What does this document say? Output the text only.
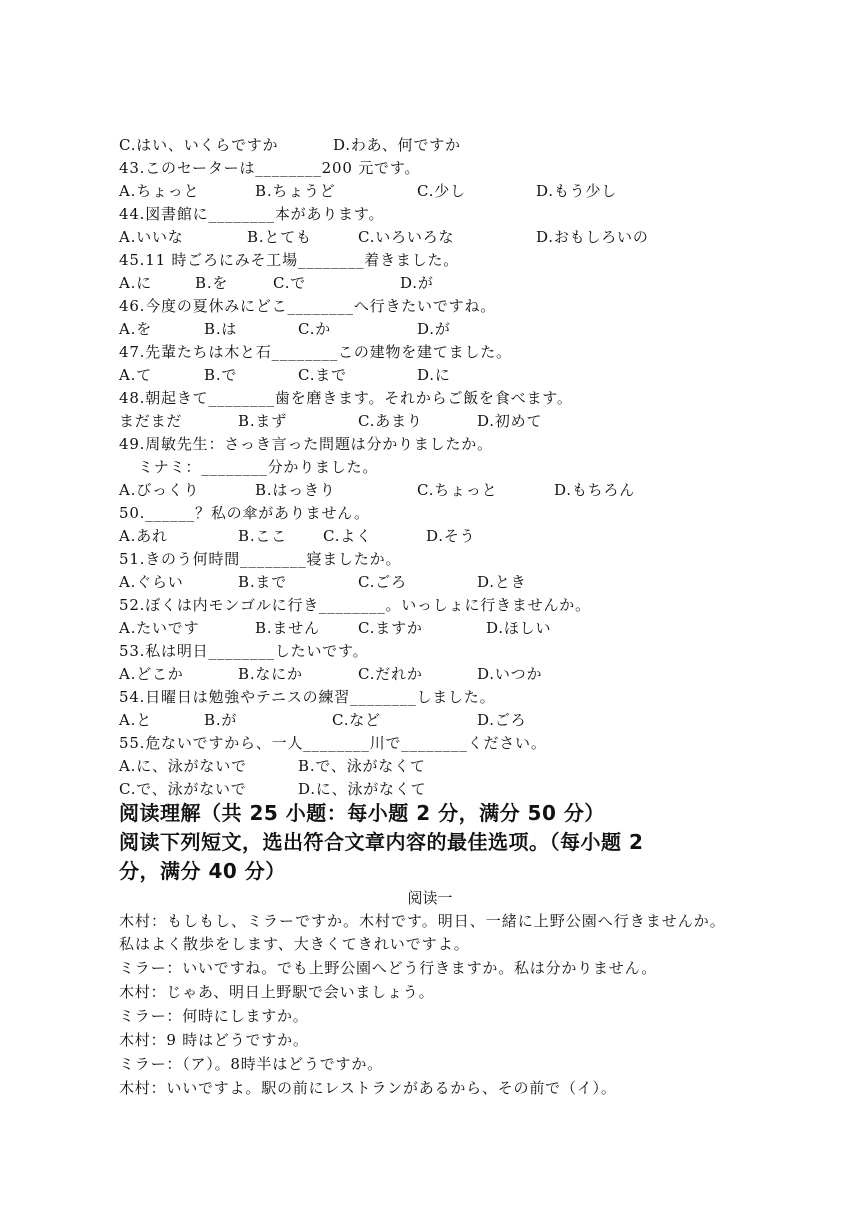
C.はい、いくらですか	D.わあ、何ですか
43.このセーターは________200 元です。
A.ちょっと	B.ちょうど	C.少し	D.もう少し
44.図書館に________本があります。
A.いいな	B.とても	C.いろいろな	D.おもしろいの
45.11 時ごろにみそ工場________着きました。
A.に	B.を	C.で	D.が
46.今度の夏休みにどこ________へ行きたいですね。
A.を	B.は	C.か	D.が
47.先輩たちは木と石________この建物を建てました。
A.て	B.で	C.まで	D.に
48.朝起きて________歯を磨きます。それからご飯を食べます。
まだまだ	B.まず	C.あまり	D.初めて
49.周敏先生：さっき言った問題は分かりましたか。
ミナミ：________分かりました。
A.びっくり	B.はっきり	C.ちょっと	D.もちろん
50.______？私の傘がありません。
A.あれ	B.ここ C.よく	D.そう
51.きのう何時間________寝ましたか。
A.ぐらい	B.まで	C.ごろ	D.とき
52.ぼくは内モンゴルに行き________。いっしょに行きませんか。
A.たいです	B.ません	C.ますか	D.ほしい
53.私は明日________したいです。
A.どこか	B.なにか	C.だれか	D.いつか
54.日曜日は勉強やテニスの練習________しました。
A.と	B.が	C.など	D.ごろ
55.危ないですから、一人________川で________ください。
A.に、泳がないで	B.で、泳がなくて
C.で、泳がないで	D.に、泳がなくて
阅读理解（共 25 小题：每小题 2 分，满分 50 分）
阅读下列短文，选出符合文章内容的最佳选项。（每小题 2
分，满分 40 分）
阅读一
木村：もしもし、ミラーですか。木村です。明日、一緒に上野公園へ行きませんか。私はよく散歩をします、大きくてきれいですよ。
ミラー：いいですね。でも上野公園へどう行きますか。私は分かりません。
木村：じゃあ、明日上野駅で会いましょう。
ミラー：何時にしますか。
木村：9 時はどうですか。
ミラー：（ア）。8時半はどうですか。
木村：いいですよ。駅の前にレストランがあるから、その前で（イ）。
